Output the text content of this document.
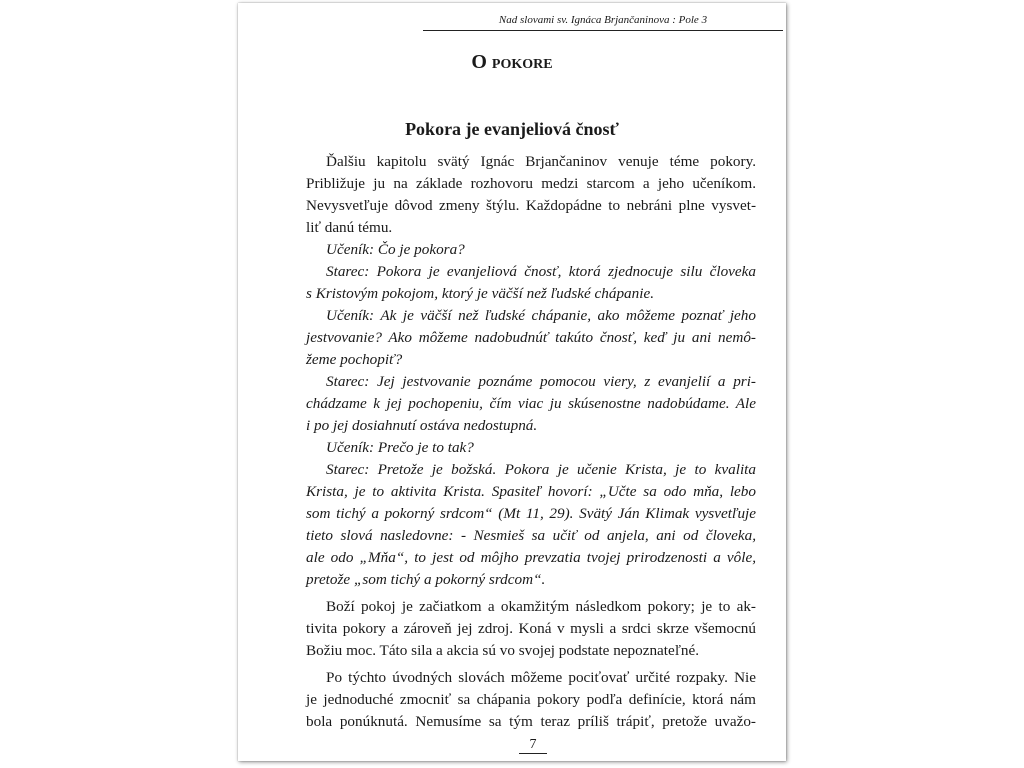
Nad slovami sv. Ignáca Brjančaninova : Pole 3
O pokore
Pokora je evanjeliová čnosť
Ďalšiu kapitolu svätý Ignác Brjančaninov venuje téme pokory.
Približuje ju na základe rozhovoru medzi starcom a jeho učeníkom.
Nevysvetľuje dôvod zmeny štýlu. Každopádne to nebráni plne vysvet-
liť danú tému.
Učeník: Čo je pokora?
Starec: Pokora je evanjeliová čnosť, ktorá zjednocuje silu človeka
s Kristovým pokojom, ktorý je väčší než ľudské chápanie.
Učeník: Ak je väčší než ľudské chápanie, ako môžeme poznať jeho
jestvovanie? Ako môžeme nadobudnúť takúto čnosť, keď ju ani nemô-
žeme pochopiť?
Starec: Jej jestvovanie poznáme pomocou viery, z evanjelií a pri-
chádzame k jej pochopeniu, čím viac ju skúsenostne nadobúdame. Ale
i po jej dosiahnutí ostáva nedostupná.
Učeník: Prečo je to tak?
Starec: Pretože je božská. Pokora je učenie Krista, je to kvalita
Krista, je to aktivita Krista. Spasiteľ hovorí: „Učte sa odo mňa, lebo
som tichý a pokorný srdcom“ (Mt 11, 29). Svätý Ján Klimak vysvetľuje
tieto slová nasledovne: - Nesmieš sa učiť od anjela, ani od človeka,
ale odo „Mňa“, to jest od môjho prevzatia tvojej prirodzenosti a vôle,
pretože „som tichý a pokorný srdcom“.
Boží pokoj je začiatkom a okamžitým následkom pokory; je to ak-
tivita pokory a zároveň jej zdroj. Koná v mysli a srdci skrze všemocnú
Božiu moc. Táto sila a akcia sú vo svojej podstate nepoznateľné.
Po týchto úvodných slovách môžeme pociťovať určité rozpaky. Nie
je jednoduché zmocniť sa chápania pokory podľa definície, ktorá nám
bola ponúknutá. Nemusíme sa tým teraz príliš trápiť, pretože uvažo-
7
